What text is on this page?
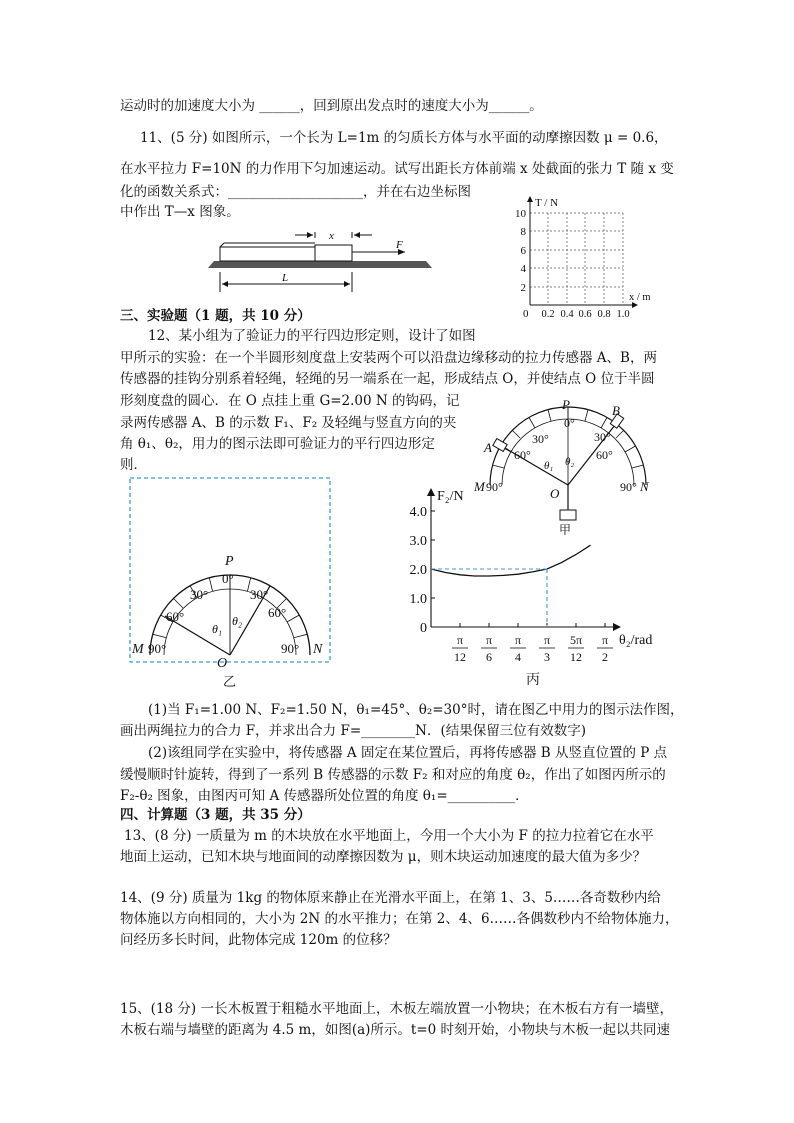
运动时的加速度大小为 ______，回到原出发点时的速度大小为______。
11、(5 分) 如图所示，一个长为 L=1m 的匀质长方体与水平面的动摩擦因数 μ = 0.6，
在水平拉力 F=10N 的力作用下匀加速运动。试写出距长方体前端 x 处截面的张力 T 随 x 变
化的函数关系式：____________________，并在右边坐标图
中作出 T—x 图象。
三、实验题（1 题，共 10 分）
12、某小组为了验证力的平行四边形定则，设计了如图
甲所示的实验：在一个半圆形刻度盘上安装两个可以沿盘边缘移动的拉力传感器 A、B，两
传感器的挂钩分别系着轻绳，轻绳的另一端系在一起，形成结点 O，并使结点 O 位于半圆
形刻度盘的圆心．在 O 点挂上重 G=2.00 N 的钩码，记
录两传感器 A、B 的示数 F₁、F₂ 及轻绳与竖直方向的夹
角 θ₁、θ₂，用力的图示法即可验证力的平行四边形定
则．
(1)当 F₁=1.00 N、F₂=1.50 N，θ₁=45°、θ₂=30°时，请在图乙中用力的图示法作图，
画出两绳拉力的合力 F，并求出合力 F=________N．(结果保留三位有效数字)
(2)该组同学在实验中，将传感器 A 固定在某位置后，再将传感器 B 从竖直位置的 P 点
缓慢顺时针旋转，得到了一系列 B 传感器的示数 F₂ 和对应的角度 θ₂，作出了如图丙所示的
F₂-θ₂ 图象，由图丙可知 A 传感器所处位置的角度 θ₁=__________．
四、计算题（3 题，共 35 分）
13、(8 分) 一质量为 m 的木块放在水平地面上，今用一个大小为 F 的拉力拉着它在水平
地面上运动，已知木块与地面间的动摩擦因数为 μ，则木块运动加速度的最大值为多少？
14、(9 分) 质量为 1kg 的物体原来静止在光滑水平面上，在第 1、3、5……各奇数秒内给
物体施以方向相同的，大小为 2N 的水平推力；在第 2、4、6……各偶数秒内不给物体施力，
问经历多长时间，此物体完成 120m 的位移？
15、(18 分) 一长木板置于粗糙水平地面上，木板左端放置一小物块；在木板右方有一墙壁，
木板右端与墙壁的距离为 4.5 m，如图(a)所示。t=0 时刻开始，小物块与木板一起以共同速
x
F
L
T / N
x / m
0
10
8
6
4
2
0.2 0.4 0.6 0.8 1.0
P
0°
30°	30°
60°	60°
A
B
M 90°	90° N
θ₁ θ₂
O
甲
P
0°
30°	30°
60°	60°
M 90°	90° N
θ₁
θ₂
O
乙
F₂/N
θ₂/rad
丙
0
1.0
2.0
3.0
4.0
π
12
π
6
π
4
π
3
5π
12
π
2
